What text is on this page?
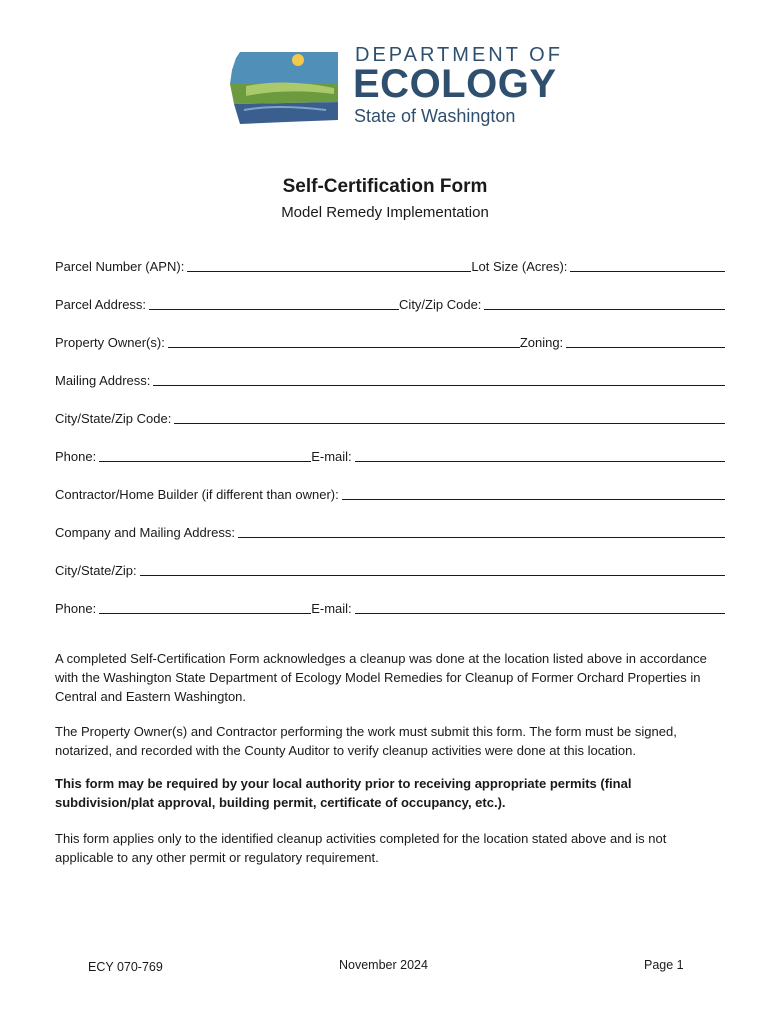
DEPARTMENT OF
ECOLOGY
State of Washington
Self-Certification Form
Model Remedy Implementation
Parcel Number (APN):	Lot Size (Acres):
Parcel Address:	City/Zip Code:
Property Owner(s):	Zoning:
Mailing Address:
City/State/Zip Code:
Phone:	E-mail:
Contractor/Home Builder (if different than owner):
Company and Mailing Address:
City/State/Zip:
Phone:	E-mail:
A completed Self-Certification Form acknowledges a cleanup was done at the location listed above in accordance with the Washington State Department of Ecology Model Remedies for Cleanup of Former Orchard Properties in Central and Eastern Washington.
The Property Owner(s) and Contractor performing the work must submit this form. The form must be signed, notarized, and recorded with the County Auditor to verify cleanup activities were done at this location.
This form may be required by your local authority prior to receiving appropriate permits (final subdivision/plat approval, building permit, certificate of occupancy, etc.).
This form applies only to the identified cleanup activities completed for the location stated above and is not applicable to any other permit or regulatory requirement.
ECY 070-769	November 2024	Page 1
